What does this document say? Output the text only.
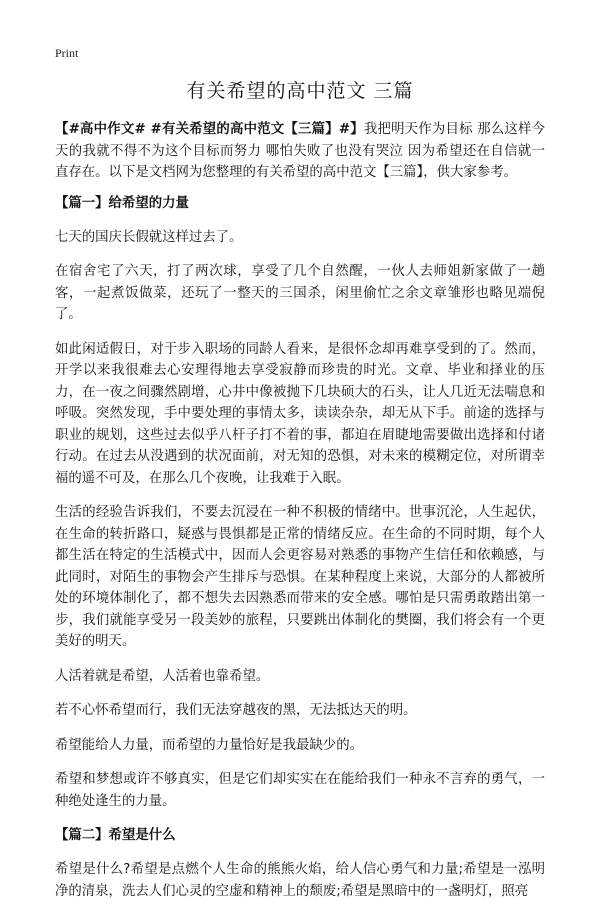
Print
有关希望的高中范文 三篇

【#高中作文# #有关希望的高中范文【三篇】#】我把明天作为目标 那么这样今天的我就不得不为这个目标而努力 哪怕失败了也没有哭泣 因为希望还在自信就一直存在。以下是文档网为您整理的有关希望的高中范文【三篇】，供大家参考。

【篇一】给希望的力量

七天的国庆长假就这样过去了。

在宿舍宅了六天，打了两次球，享受了几个自然醒，一伙人去师姐新家做了一趟客，一起煮饭做菜，还玩了一整天的三国杀，闲里偷忙之余文章雏形也略见端倪了。

如此闲适假日，对于步入职场的同龄人看来，是很怀念却再难享受到的了。然而，开学以来我很难去心安理得地去享受寂静而珍贵的时光。文章、毕业和择业的压力，在一夜之间骤然剧增，心井中像被抛下几块硕大的石头，让人几近无法喘息和呼吸。突然发现，手中要处理的事情太多，读读杂杂，却无从下手。前途的选择与职业的规划，这些过去似乎八杆子打不着的事，都迫在眉睫地需要做出选择和付诸行动。在过去从没遇到的状况面前，对无知的恐惧，对未来的模糊定位，对所谓幸福的遥不可及，在那么几个夜晚，让我难于入眠。

生活的经验告诉我们，不要去沉浸在一种不积极的情绪中。世事沉沦，人生起伏，在生命的转折路口，疑惑与畏惧都是正常的情绪反应。在生命的不同时期，每个人都生活在特定的生活模式中，因而人会更容易对熟悉的事物产生信任和依赖感，与此同时，对陌生的事物会产生排斥与恐惧。在某种程度上来说，大部分的人都被所处的环境体制化了，都不想失去因熟悉而带来的安全感。哪怕是只需勇敢踏出第一步，我们就能享受另一段美妙的旅程，只要跳出体制化的樊圈，我们将会有一个更美好的明天。

人活着就是希望，人活着也靠希望。

若不心怀希望而行，我们无法穿越夜的黑，无法抵达天的明。

希望能给人力量，而希望的力量恰好是我最缺少的。

希望和梦想或许不够真实，但是它们却实实在在能给我们一种永不言弃的勇气，一种绝处逢生的力量。

【篇二】希望是什么

希望是什么?希望是点燃个人生命的熊熊火焰，给人信心勇气和力量;希望是一泓明净的清泉，洗去人们心灵的空虚和精神上的颓废;希望是黑暗中的一盏明灯，照亮
